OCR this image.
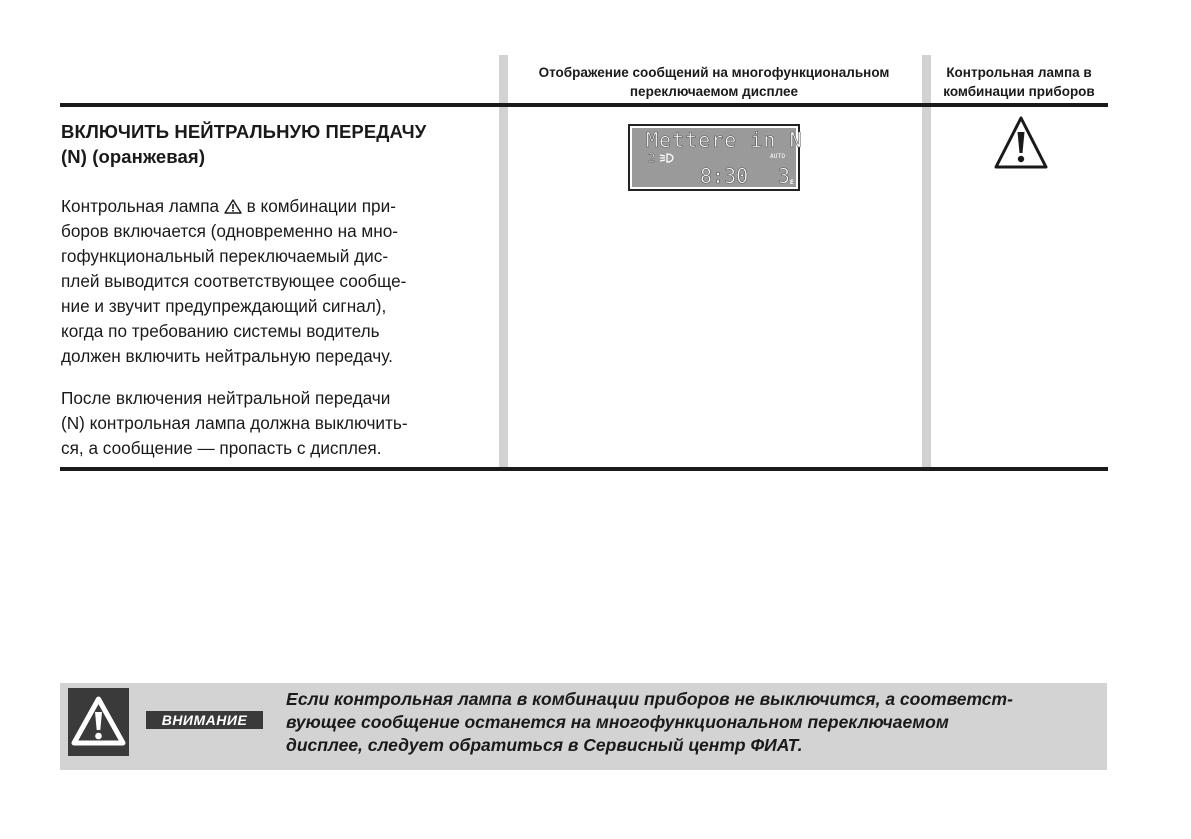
Отображение сообщений на многофункциональном переключаемом дисплее
Контрольная лампа в комбинации приборов
ВКЛЮЧИТЬ НЕЙТРАЛЬНУЮ ПЕРЕДАЧУ
(N) (оранжевая)
Контрольная лампа  в комбинации при-
боров включается (одновременно на мно-
гофункциональный переключаемый дис-
плей выводится соответствующее сообще-
ние и звучит предупреждающий сигнал),
когда по требованию системы водитель
должен включить нейтральную передачу.
После включения нейтральной передачи
(N) контрольная лампа должна выключить-
ся, а сообщение — пропасть с дисплея.
Mettere in N
2	AUTO
8:30 3 E
ВНИМАНИЕ
Если контрольная лампа в комбинации приборов не выключится, а соответст-
вующее сообщение останется на многофункциональном переключаемом
дисплее, следует обратиться в Сервисный центр ФИАТ.
